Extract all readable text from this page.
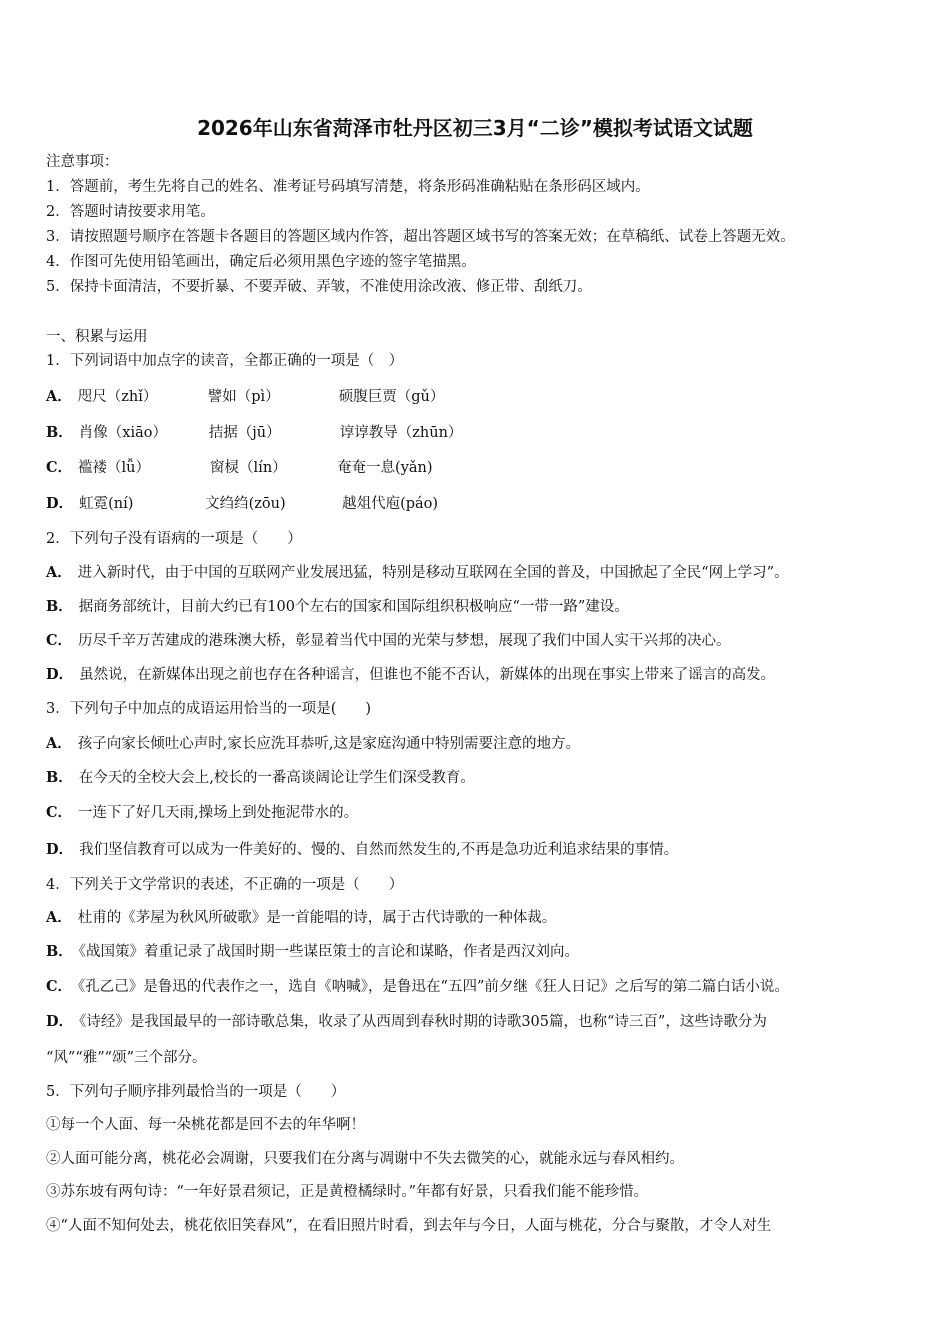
2026年山东省菏泽市牡丹区初三3月“二诊”模拟考试语文试题
注意事项：
1．答题前，考生先将自己的姓名、准考证号码填写清楚，将条形码准确粘贴在条形码区域内。
2．答题时请按要求用笔。
3．请按照题号顺序在答题卡各题目的答题区域内作答，超出答题区域书写的答案无效；在草稿纸、试卷上答题无效。
4．作图可先使用铅笔画出，确定后必须用黑色字迹的签字笔描黑。
5．保持卡面清洁，不要折暴、不要弄破、弄皱，不准使用涂改液、修正带、刮纸刀。
一、积累与运用
1．下列词语中加点字的读音，全都正确的一项是（　）
A． 咫尺（zhǐ）	譬如（pì）	硕腹巨贾（gǔ）
B． 肖像（xiāo）	拮据（jū）	谆谆教导（zhūn）
C． 褴褛（lǚ）	窗棂（lín）	奄奄一息(yǎn)
D． 虹霓(ní)	文绉绉(zōu)	越俎代庖(páo)
2．下列句子没有语病的一项是（　　）
A． 进入新时代，由于中国的互联网产业发展迅猛，特别是移动互联网在全国的普及，中国掀起了全民“网上学习”。
B． 据商务部统计，目前大约已有100个左右的国家和国际组织积极响应“一带一路”建设。
C． 历尽千辛万苦建成的港珠澳大桥，彰显着当代中国的光荣与梦想，展现了我们中国人实干兴邦的决心。
D． 虽然说，在新媒体出现之前也存在各种谣言，但谁也不能不否认，新媒体的出现在事实上带来了谣言的高发。
3．下列句子中加点的成语运用恰当的一项是(　　)
A． 孩子向家长倾吐心声时,家长应洗耳恭听,这是家庭沟通中特别需要注意的地方。
B． 在今天的全校大会上,校长的一番高谈阔论让学生们深受教育。
C． 一连下了好几天雨,操场上到处拖泥带水的。
D． 我们坚信教育可以成为一件美好的、慢的、自然而然发生的,不再是急功近利追求结果的事情。
4．下列关于文学常识的表述，不正确的一项是（　　）
A． 杜甫的《茅屋为秋风所破歌》是一首能唱的诗，属于古代诗歌的一种体裁。
B． 《战国策》着重记录了战国时期一些谋臣策士的言论和谋略，作者是西汉刘向。
C． 《孔乙己》是鲁迅的代表作之一，选自《呐喊》，是鲁迅在“五四”前夕继《狂人日记》之后写的第二篇白话小说。
D． 《诗经》是我国最早的一部诗歌总集，收录了从西周到春秋时期的诗歌305篇，也称“诗三百”，这些诗歌分为
“风”“雅”“颂”三个部分。
5．下列句子顺序排列最恰当的一项是（　　）
①每一个人面、每一朵桃花都是回不去的年华啊！
②人面可能分离，桃花必会凋谢，只要我们在分离与凋谢中不失去微笑的心，就能永远与春风相约。
③苏东坡有两句诗：“一年好景君须记，正是黄橙橘绿时。”年都有好景，只看我们能不能珍惜。
④“人面不知何处去，桃花依旧笑春风”，在看旧照片时看，到去年与今日，人面与桃花，分合与聚散，才令人对生
